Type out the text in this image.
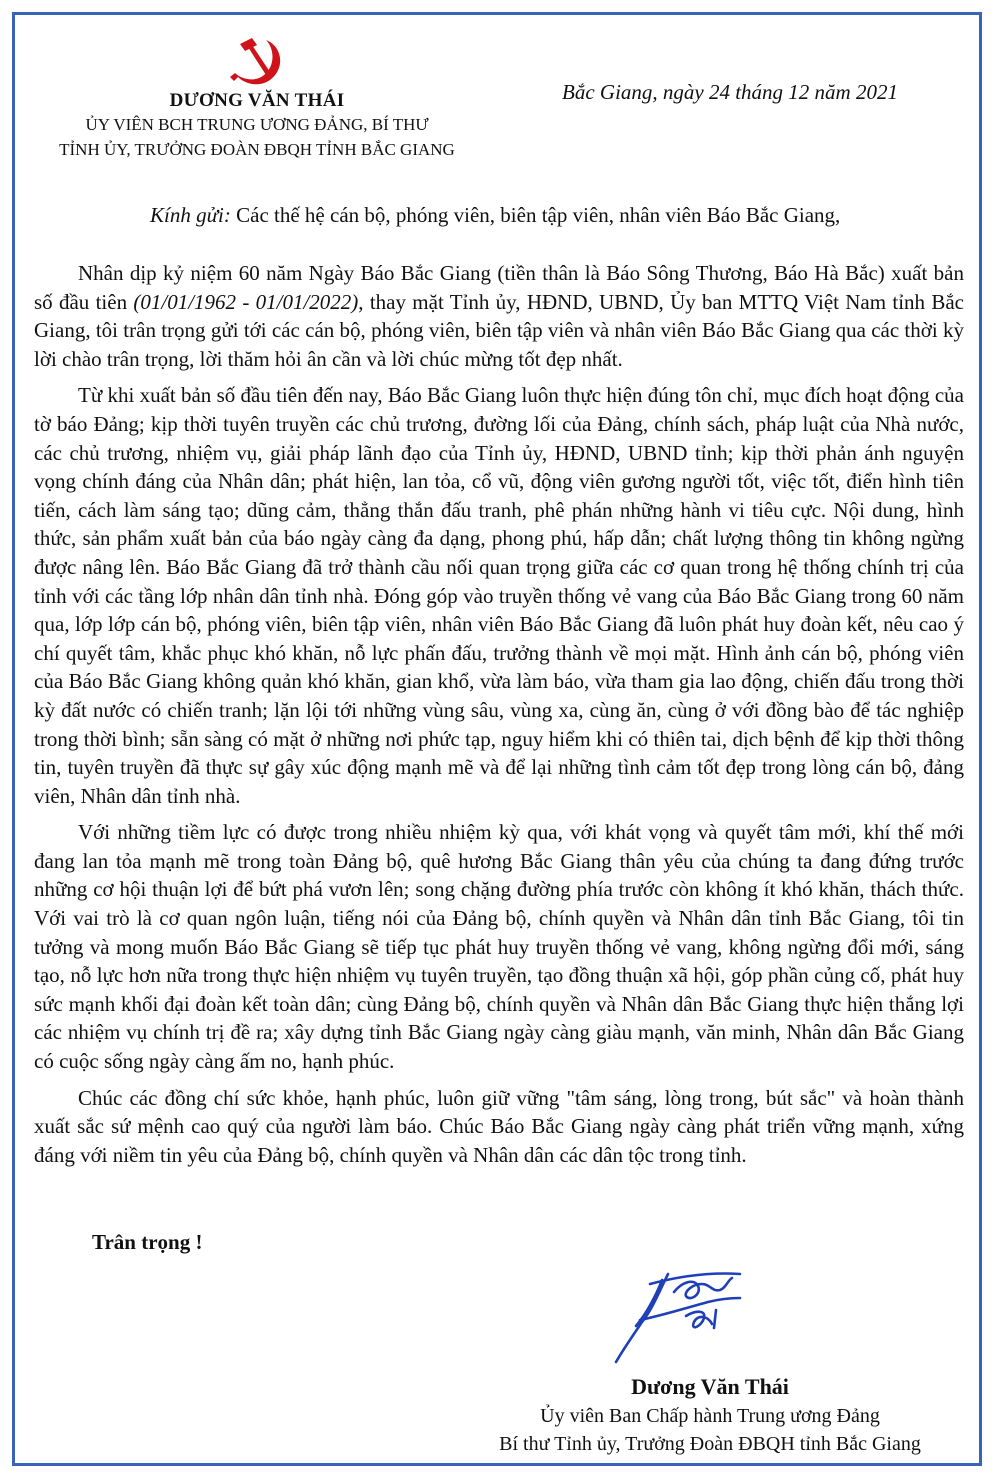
DƯƠNG VĂN THÁI
ỦY VIÊN BCH TRUNG ƯƠNG ĐẢNG, BÍ THƯ
TỈNH ỦY, TRƯỞNG ĐOÀN ĐBQH TỈNH BẮC GIANG
Bắc Giang, ngày 24 tháng 12 năm 2021
Kính gửi: Các thế hệ cán bộ, phóng viên, biên tập viên, nhân viên Báo Bắc Giang,

Nhân dịp kỷ niệm 60 năm Ngày Báo Bắc Giang (tiền thân là Báo Sông Thương, Báo Hà Bắc) xuất bản số đầu tiên (01/01/1962 - 01/01/2022), thay mặt Tỉnh ủy, HĐND, UBND, Ủy ban MTTQ Việt Nam tỉnh Bắc Giang, tôi trân trọng gửi tới các cán bộ, phóng viên, biên tập viên và nhân viên Báo Bắc Giang qua các thời kỳ lời chào trân trọng, lời thăm hỏi ân cần và lời chúc mừng tốt đẹp nhất.

Từ khi xuất bản số đầu tiên đến nay, Báo Bắc Giang luôn thực hiện đúng tôn chỉ, mục đích hoạt động của tờ báo Đảng; kịp thời tuyên truyền các chủ trương, đường lối của Đảng, chính sách, pháp luật của Nhà nước, các chủ trương, nhiệm vụ, giải pháp lãnh đạo của Tỉnh ủy, HĐND, UBND tỉnh; kịp thời phản ánh nguyện vọng chính đáng của Nhân dân; phát hiện, lan tỏa, cổ vũ, động viên gương người tốt, việc tốt, điển hình tiên tiến, cách làm sáng tạo; dũng cảm, thẳng thắn đấu tranh, phê phán những hành vi tiêu cực. Nội dung, hình thức, sản phẩm xuất bản của báo ngày càng đa dạng, phong phú, hấp dẫn; chất lượng thông tin không ngừng được nâng lên. Báo Bắc Giang đã trở thành cầu nối quan trọng giữa các cơ quan trong hệ thống chính trị của tỉnh với các tầng lớp nhân dân tỉnh nhà. Đóng góp vào truyền thống vẻ vang của Báo Bắc Giang trong 60 năm qua, lớp lớp cán bộ, phóng viên, biên tập viên, nhân viên Báo Bắc Giang đã luôn phát huy đoàn kết, nêu cao ý chí quyết tâm, khắc phục khó khăn, nỗ lực phấn đấu, trưởng thành về mọi mặt. Hình ảnh cán bộ, phóng viên của Báo Bắc Giang không quản khó khăn, gian khổ, vừa làm báo, vừa tham gia lao động, chiến đấu trong thời kỳ đất nước có chiến tranh; lặn lội tới những vùng sâu, vùng xa, cùng ăn, cùng ở với đồng bào để tác nghiệp trong thời bình; sẵn sàng có mặt ở những nơi phức tạp, nguy hiểm khi có thiên tai, dịch bệnh để kịp thời thông tin, tuyên truyền đã thực sự gây xúc động mạnh mẽ và để lại những tình cảm tốt đẹp trong lòng cán bộ, đảng viên, Nhân dân tỉnh nhà.

Với những tiềm lực có được trong nhiều nhiệm kỳ qua, với khát vọng và quyết tâm mới, khí thế mới đang lan tỏa mạnh mẽ trong toàn Đảng bộ, quê hương Bắc Giang thân yêu của chúng ta đang đứng trước những cơ hội thuận lợi để bứt phá vươn lên; song chặng đường phía trước còn không ít khó khăn, thách thức. Với vai trò là cơ quan ngôn luận, tiếng nói của Đảng bộ, chính quyền và Nhân dân tỉnh Bắc Giang, tôi tin tưởng và mong muốn Báo Bắc Giang sẽ tiếp tục phát huy truyền thống vẻ vang, không ngừng đổi mới, sáng tạo, nỗ lực hơn nữa trong thực hiện nhiệm vụ tuyên truyền, tạo đồng thuận xã hội, góp phần củng cố, phát huy sức mạnh khối đại đoàn kết toàn dân; cùng Đảng bộ, chính quyền và Nhân dân Bắc Giang thực hiện thắng lợi các nhiệm vụ chính trị đề ra; xây dựng tỉnh Bắc Giang ngày càng giàu mạnh, văn minh, Nhân dân Bắc Giang có cuộc sống ngày càng ấm no, hạnh phúc.

Chúc các đồng chí sức khỏe, hạnh phúc, luôn giữ vững "tâm sáng, lòng trong, bút sắc" và hoàn thành xuất sắc sứ mệnh cao quý của người làm báo. Chúc Báo Bắc Giang ngày càng phát triển vững mạnh, xứng đáng với niềm tin yêu của Đảng bộ, chính quyền và Nhân dân các dân tộc trong tỉnh.

Trân trọng !
Dương Văn Thái
Ủy viên Ban Chấp hành Trung ương Đảng
Bí thư Tỉnh ủy, Trưởng Đoàn ĐBQH tỉnh Bắc Giang
